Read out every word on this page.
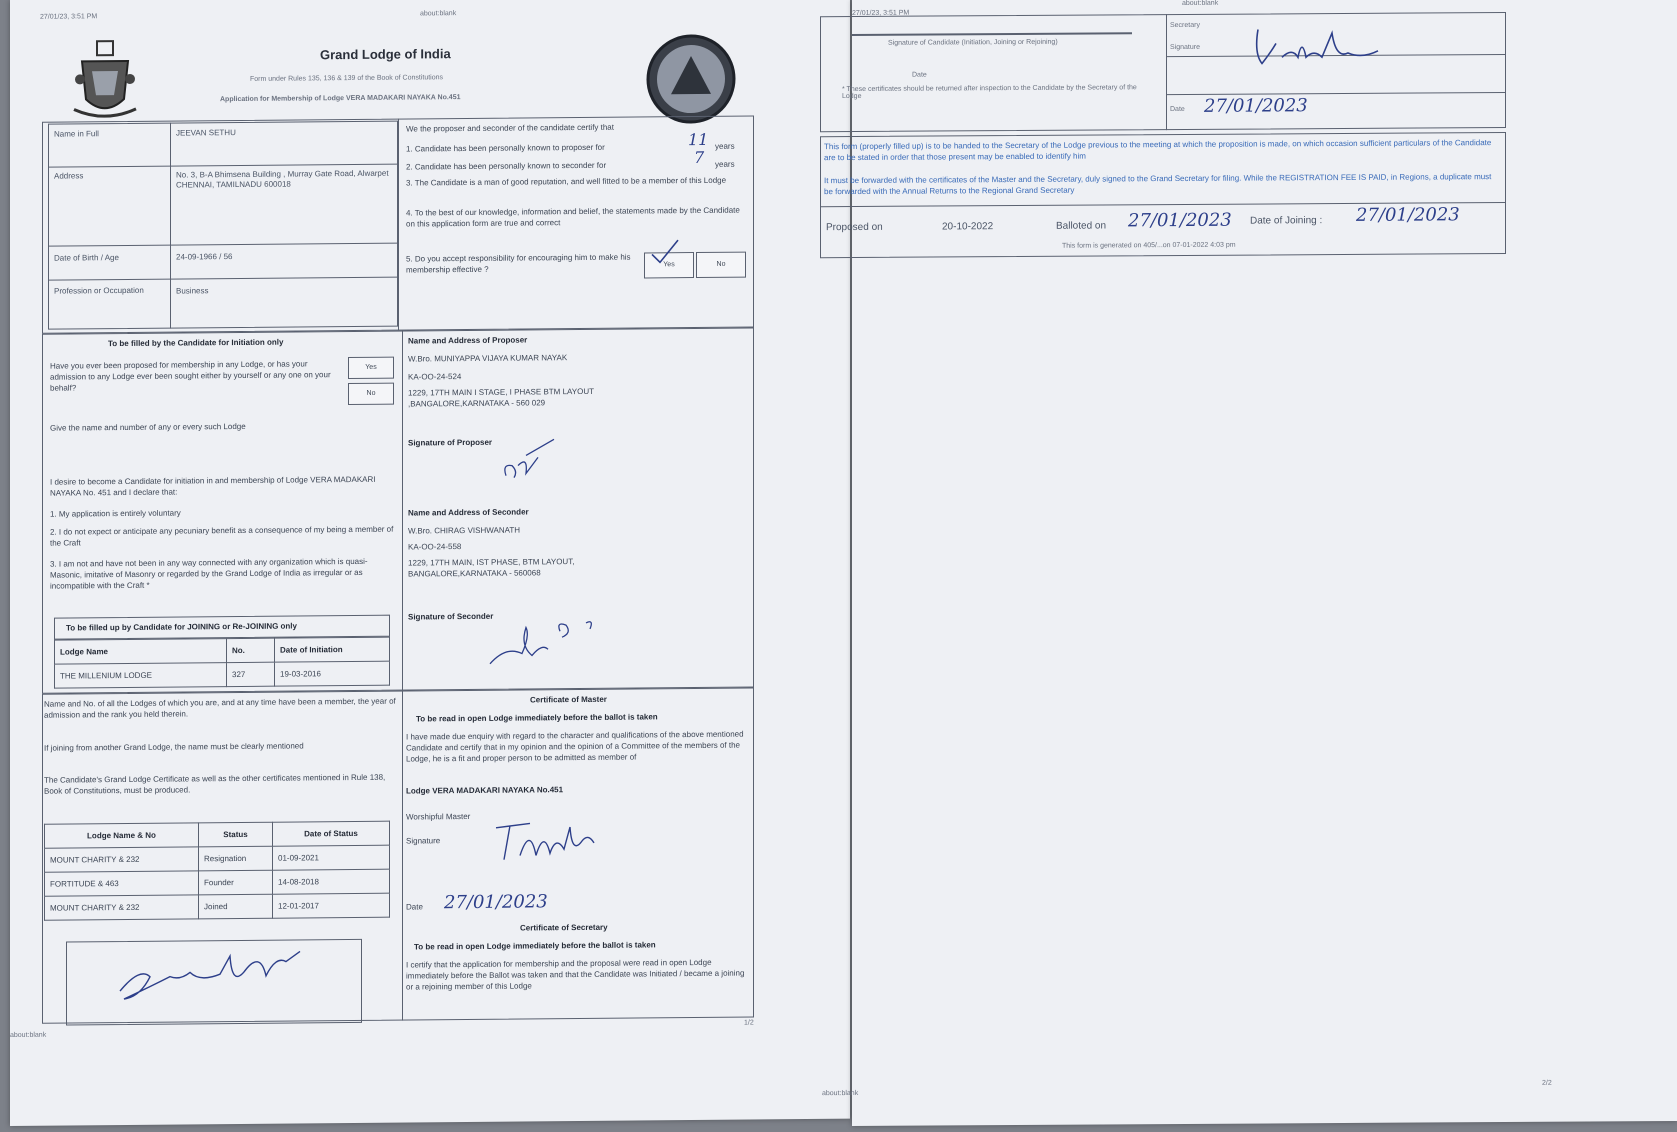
27/01/23, 3:51 PM	about:blank
Grand Lodge of India
Form under Rules 135, 136 & 139 of the Book of Constitutions
Application for Membership of Lodge VERA MADAKARI NAYAKA No.451
Name in Full	JEEVAN SETHU
Address	No. 3, B-A Bhimsena Building , Murray Gate Road, Alwarpet CHENNAI, TAMILNADU 600018
Date of Birth / Age	24-09-1966 / 56
Profession or Occupation	Business
We the proposer and seconder of the candidate certify that
1. Candidate has been personally known to proposer for	11 years
2. Candidate has been personally known to seconder for	7 years
3. The Candidate is a man of good reputation, and well fitted to be a member of this Lodge
4. To the best of our knowledge, information and belief, the statements made by the Candidate on this application form are true and correct
5. Do you accept responsibility for encouraging him to make his membership effective ?	Yes	No
To be filled by the Candidate for Initiation only
Have you ever been proposed for membership in any Lodge, or has your admission to any Lodge ever been sought either by yourself or any one on your behalf?
Yes
No
Give the name and number of any or every such Lodge
I desire to become a Candidate for initiation in and membership of Lodge VERA MADAKARI NAYAKA No. 451 and I declare that:
1. My application is entirely voluntary
2. I do not expect or anticipate any pecuniary benefit as a consequence of my being a member of the Craft
3. I am not and have not been in any way connected with any organization which is quasi- Masonic, imitative of Masonry or regarded by the Grand Lodge of India as irregular or as incompatible with the Craft *
To be filled up by Candidate for JOINING or Re-JOINING only
Lodge Name	No.	Date of Initiation
THE MILLENIUM LODGE	327	19-03-2016
Name and Address of Proposer
W.Bro. MUNIYAPPA VIJAYA KUMAR NAYAK
KA-OO-24-524
1229, 17TH MAIN I STAGE, I PHASE BTM LAYOUT ,BANGALORE,KARNATAKA - 560 029
Signature of Proposer
Name and Address of Seconder
W.Bro. CHIRAG VISHWANATH
KA-OO-24-558
1229, 17TH MAIN, IST PHASE, BTM LAYOUT, BANGALORE,KARNATAKA - 560068
Signature of Seconder
Name and No. of all the Lodges of which you are, and at any time have been a member, the year of admission and the rank you held therein.
If joining from another Grand Lodge, the name must be clearly mentioned
The Candidate's Grand Lodge Certificate as well as the other certificates mentioned in Rule 138, Book of Constitutions, must be produced.
Lodge Name & No	Status	Date of Status
MOUNT CHARITY & 232	Resignation	01-09-2021
FORTITUDE & 463	Founder	14-08-2018
MOUNT CHARITY & 232	Joined	12-01-2017
Certificate of Master
To be read in open Lodge immediately before the ballot is taken
I have made due enquiry with regard to the character and qualifications of the above mentioned Candidate and certify that in my opinion and the opinion of a Committee of the members of the Lodge, he is a fit and proper person to be admitted as member of
Lodge VERA MADAKARI NAYAKA No.451
Worshipful Master
Signature
Date 27/01/2023
Certificate of Secretary
To be read in open Lodge immediately before the ballot is taken
I certify that the application for membership and the proposal were read in open Lodge immediately before the Ballot was taken and that the Candidate was Initiated / became a joining or a rejoining member of this Lodge
about:blank
1/2
27/01/23, 3:51 PM
about:blank
Signature of Candidate (Initiation, Joining or Rejoining)
Date
* These certificates should be returned after inspection to the Candidate by the Secretary of the Lodge
Secretary
Signature
Date 27/01/2023
This form (properly filled up) is to be handed to the Secretary of the Lodge previous to the meeting at which the proposition is made, on which occasion sufficient particulars of the Candidate are to be stated in order that those present may be enabled to identify him
It must be forwarded with the certificates of the Master and the Secretary, duly signed to the Grand Secretary for filing. While the REGISTRATION FEE IS PAID, in Regions, a duplicate must be forwarded with the Annual Returns to the Regional Grand Secretary
Proposed on	20-10-2022	Balloted on 27/01/2023 Date of Joining : 27/01/2023
This form is generated on 405/...on 07-01-2022 4:03 pm
about:blank
2/2
